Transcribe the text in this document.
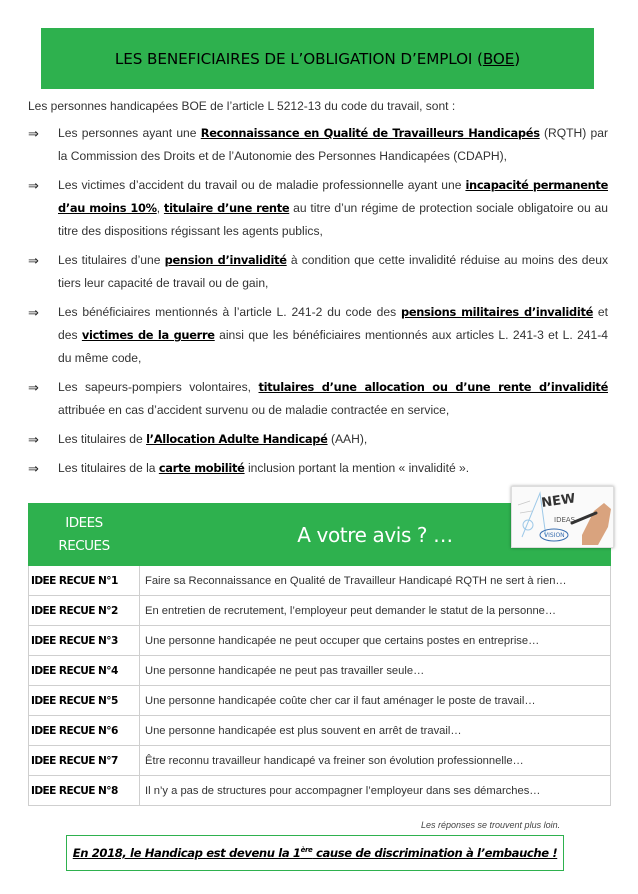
LES BENEFICIAIRES DE L’OBLIGATION D’EMPLOI (BOE)

Les personnes handicapées BOE de l’article L 5212-13 du code du travail, sont :

⇒ Les personnes ayant une Reconnaissance en Qualité de Travailleurs Handicapés (RQTH) par la Commission des Droits et de l’Autonomie des Personnes Handicapées (CDAPH),
⇒ Les victimes d’accident du travail ou de maladie professionnelle ayant une incapacité permanente d’au moins 10%, titulaire d’une rente au titre d’un régime de protection sociale obligatoire ou au titre des dispositions régissant les agents publics,
⇒ Les titulaires d’une pension d’invalidité à condition que cette invalidité réduise au moins des deux tiers leur capacité de travail ou de gain,
⇒ Les bénéficiaires mentionnés à l’article L. 241-2 du code des pensions militaires d’invalidité et des victimes de la guerre ainsi que les bénéficiaires mentionnés aux articles L. 241-3 et L. 241-4 du même code,
⇒ Les sapeurs-pompiers volontaires, titulaires d’une allocation ou d’une rente d’invalidité attribuée en cas d’accident survenu ou de maladie contractée en service,
⇒ Les titulaires de l’Allocation Adulte Handicapé (AAH),
⇒ Les titulaires de la carte mobilité inclusion portant la mention « invalidité ».
IDEES
RECUES	A votre avis ? …
IDEE RECUE N°1	Faire sa Reconnaissance en Qualité de Travailleur Handicapé RQTH ne sert à rien…
IDEE RECUE N°2	En entretien de recrutement, l’employeur peut demander le statut de la personne…
IDEE RECUE N°3	Une personne handicapée ne peut occuper que certains postes en entreprise…
IDEE RECUE N°4	Une personne handicapée ne peut pas travailler seule…
IDEE RECUE N°5	Une personne handicapée coûte cher car il faut aménager le poste de travail…
IDEE RECUE N°6	Une personne handicapée est plus souvent en arrêt de travail…
IDEE RECUE N°7	Être reconnu travailleur handicapé va freiner son évolution professionnelle…
IDEE RECUE N°8	Il n’y a pas de structures pour accompagner l’employeur dans ses démarches…
NEW
IDEAS
VISION

Les réponses se trouvent plus loin.

En 2018, le Handicap est devenu la 1ère cause de discrimination à l’embauche !
